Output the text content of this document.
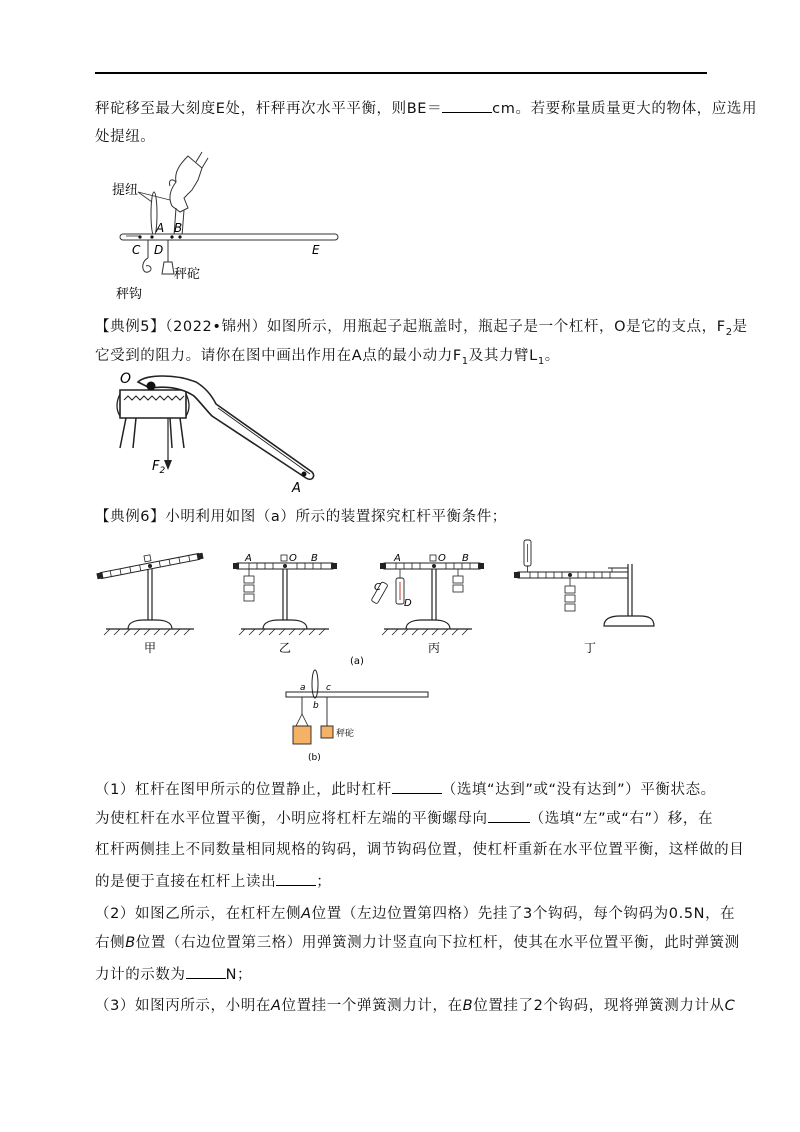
秤砣移至最大刻度E处，杆秤再次水平平衡，则BE＝	cm。若要称量质量更大的物体，应选用
处提纽。
提纽
A B
C D	E
秤砣
秤钩
【典例5】（2022•锦州）如图所示，用瓶起子起瓶盖时，瓶起子是一个杠杆，O是它的支点，$F_2$是
它受到的阻力。请你在图中画出作用在A点的最小动力$F_1$及其力臂$L_1$。
O
$F_2$
A
【典例6】小明利用如图（a）所示的装置探究杠杆平衡条件；
甲
A	O B
乙
A	O B
C
D
丙	丁
(a)
a
b
c
秤砣
(b)
（1）杠杆在图甲所示的位置静止，此时杠杆	（选填“达到”或“没有达到”）平衡状态。
为使杠杆在水平位置平衡，小明应将杠杆左端的平衡螺母向	（选填“左”或“右”）移，在
杠杆两侧挂上不同数量相同规格的钩码，调节钩码位置，使杠杆重新在水平位置平衡，这样做的目
的是便于直接在杠杆上读出	；
（2）如图乙所示，在杠杆左侧A位置（左边位置第四格）先挂了3个钩码，每个钩码为0.5N，在
右侧B位置（右边位置第三格）用弹簧测力计竖直向下拉杠杆，使其在水平位置平衡，此时弹簧测
力计的示数为	N；
（3）如图丙所示，小明在A位置挂一个弹簧测力计，在B位置挂了2个钩码，现将弹簧测力计从C
